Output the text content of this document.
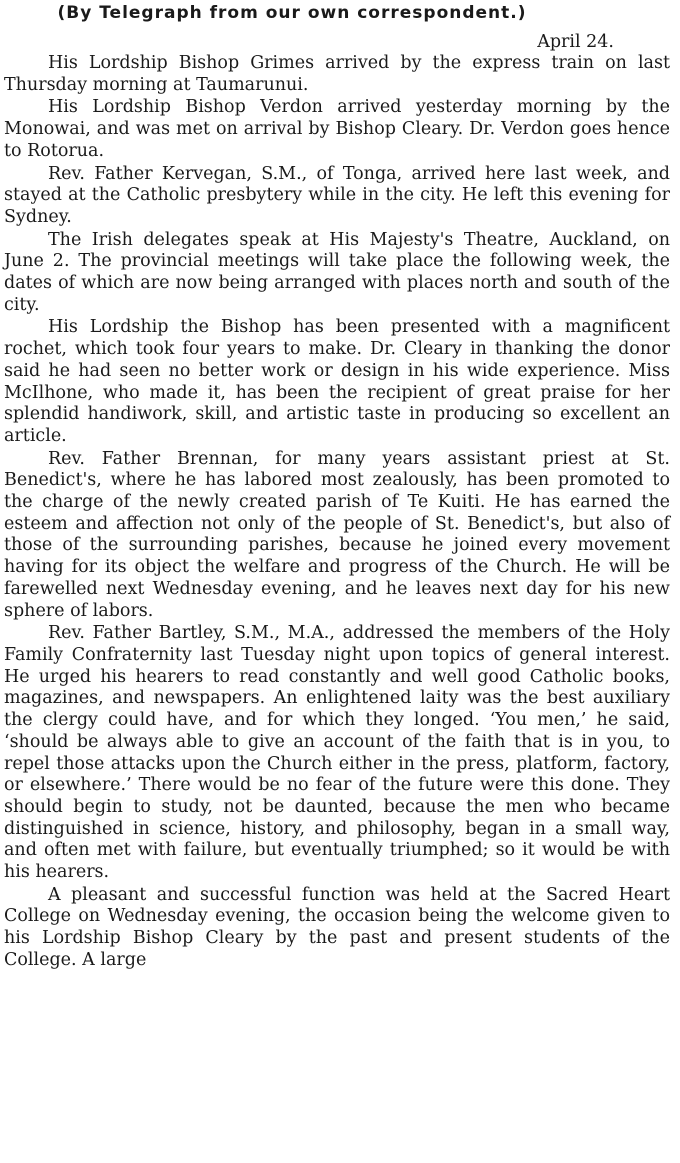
(By Telegraph from our own correspondent.)
April 24.

His Lordship Bishop Grimes arrived by the express train on last Thursday morning at Taumarunui.

His Lordship Bishop Verdon arrived yesterday morning by the Monowai, and was met on arrival by Bishop Cleary. Dr. Verdon goes hence to Rotorua.

Rev. Father Kervegan, S.M., of Tonga, arrived here last week, and stayed at the Catholic presbytery while in the city. He left this evening for Sydney.

The Irish delegates speak at His Majesty's Theatre, Auckland, on June 2. The provincial meetings will take place the following week, the dates of which are now being arranged with places north and south of the city.

His Lordship the Bishop has been presented with a magnificent rochet, which took four years to make. Dr. Cleary in thanking the donor said he had seen no better work or design in his wide experience. Miss McIlhone, who made it, has been the recipient of great praise for her splendid handiwork, skill, and artistic taste in producing so excellent an article.

Rev. Father Brennan, for many years assistant priest at St. Benedict's, where he has labored most zealously, has been promoted to the charge of the newly created parish of Te Kuiti. He has earned the esteem and affection not only of the people of St. Benedict's, but also of those of the surrounding parishes, because he joined every movement having for its object the welfare and progress of the Church. He will be farewelled next Wednesday evening, and he leaves next day for his new sphere of labors.

Rev. Father Bartley, S.M., M.A., addressed the members of the Holy Family Confraternity last Tuesday night upon topics of general interest. He urged his hearers to read constantly and well good Catholic books, magazines, and newspapers. An enlightened laity was the best auxiliary the clergy could have, and for which they longed. ‘You men,’ he said, ‘should be always able to give an account of the faith that is in you, to repel those attacks upon the Church either in the press, platform, factory, or elsewhere.’ There would be no fear of the future were this done. They should begin to study, not be daunted, because the men who became distinguished in science, history, and philosophy, began in a small way, and often met with failure, but eventually triumphed; so it would be with his hearers.

A pleasant and successful function was held at the Sacred Heart College on Wednesday evening, the occasion being the welcome given to his Lordship Bishop Cleary by the past and present students of the College. A large
